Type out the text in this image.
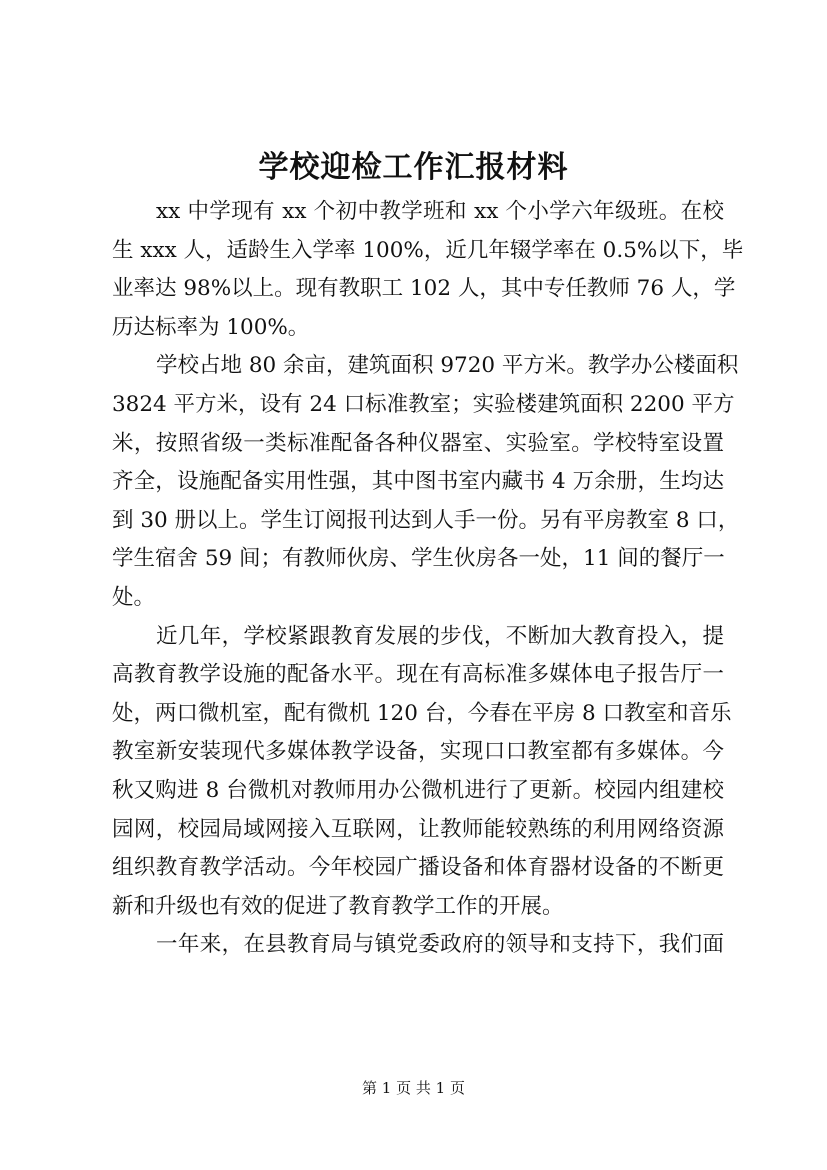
学校迎检工作汇报材料
xx 中学现有 xx 个初中教学班和 xx 个小学六年级班。在校
生 xxx 人，适龄生入学率 100%，近几年辍学率在 0.5%以下，毕
业率达 98%以上。现有教职工 102 人，其中专任教师 76 人，学
历达标率为 100%。
学校占地 80 余亩，建筑面积 9720 平方米。教学办公楼面积
3824 平方米，设有 24 口标准教室；实验楼建筑面积 2200 平方
米，按照省级一类标准配备各种仪器室、实验室。学校特室设置
齐全，设施配备实用性强，其中图书室内藏书 4 万余册，生均达
到 30 册以上。学生订阅报刊达到人手一份。另有平房教室 8 口，
学生宿舍 59 间；有教师伙房、学生伙房各一处，11 间的餐厅一
处。
近几年，学校紧跟教育发展的步伐，不断加大教育投入，提
高教育教学设施的配备水平。现在有高标准多媒体电子报告厅一
处，两口微机室，配有微机 120 台，今春在平房 8 口教室和音乐
教室新安装现代多媒体教学设备，实现口口教室都有多媒体。今
秋又购进 8 台微机对教师用办公微机进行了更新。校园内组建校
园网，校园局域网接入互联网，让教师能较熟练的利用网络资源
组织教育教学活动。今年校园广播设备和体育器材设备的不断更
新和升级也有效的促进了教育教学工作的开展。
一年来，在县教育局与镇党委政府的领导和支持下，我们面
第 1 页 共 1 页
